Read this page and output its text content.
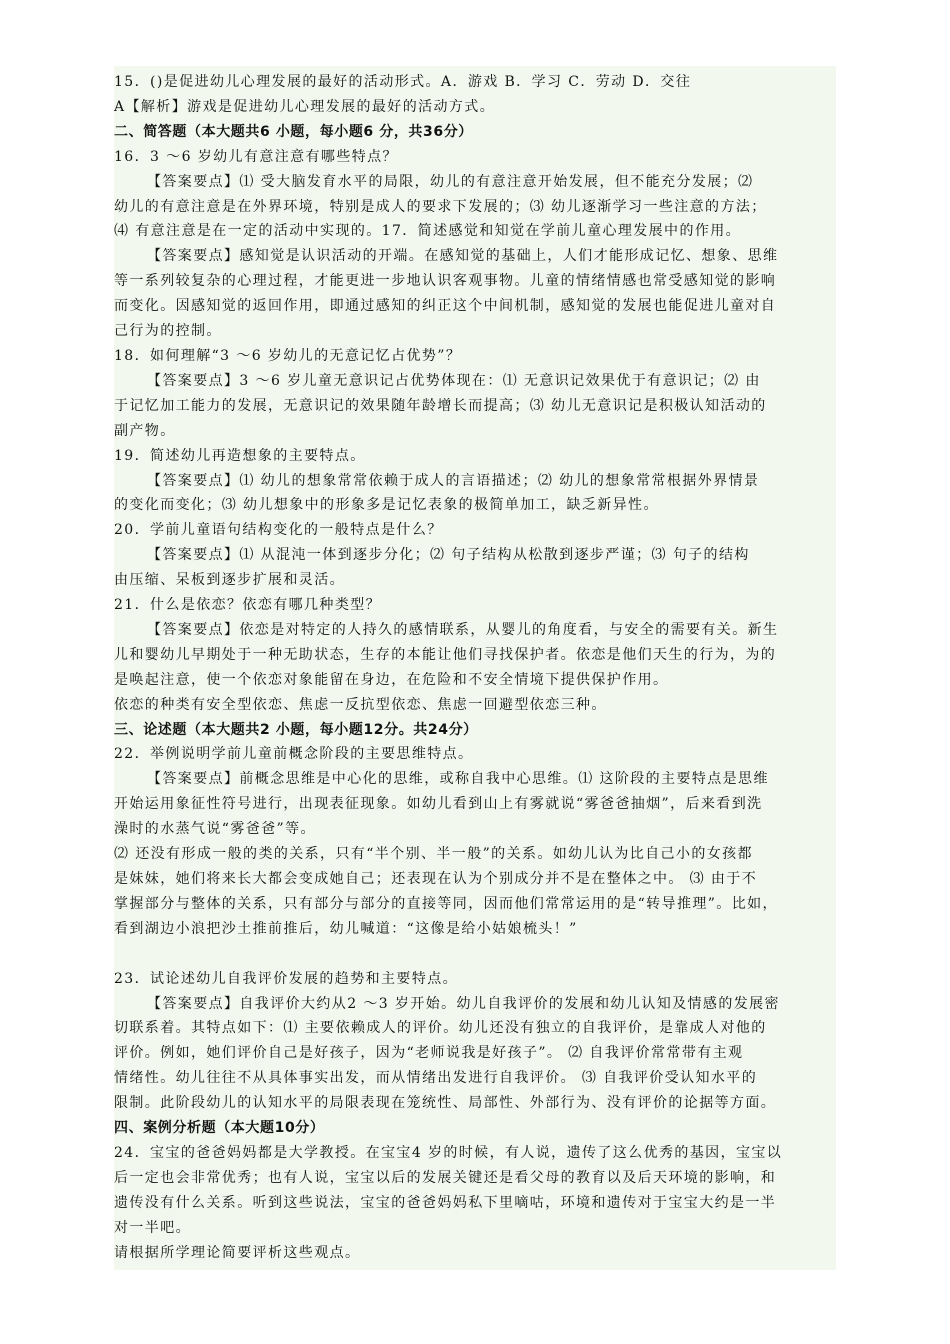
15．()是促进幼儿心理发展的最好的活动形式。A．游戏 B．学习 C．劳动 D．交往
A【解析】游戏是促进幼儿心理发展的最好的活动方式。
二、简答题（本大题共6 小题，每小题6 分，共36分）
16．3 ～6 岁幼儿有意注意有哪些特点？
【答案要点】⑴ 受大脑发育水平的局限，幼儿的有意注意开始发展，但不能充分发展；⑵
幼儿的有意注意是在外界环境，特别是成人的要求下发展的；⑶ 幼儿逐渐学习一些注意的方法；
⑷ 有意注意是在一定的活动中实现的。17．简述感觉和知觉在学前儿童心理发展中的作用。
【答案要点】感知觉是认识活动的开端。在感知觉的基础上，人们才能形成记忆、想象、思维
等一系列较复杂的心理过程，才能更进一步地认识客观事物。儿童的情绪情感也常受感知觉的影响
而变化。因感知觉的返回作用，即通过感知的纠正这个中间机制，感知觉的发展也能促进儿童对自
己行为的控制。
18．如何理解“3 ～6 岁幼儿的无意记忆占优势”？
【答案要点】3 ～6 岁儿童无意识记占优势体现在：⑴ 无意识记效果优于有意识记；⑵ 由
于记忆加工能力的发展，无意识记的效果随年龄增长而提高；⑶ 幼儿无意识记是积极认知活动的
副产物。
19．简述幼儿再造想象的主要特点。
【答案要点】⑴ 幼儿的想象常常依赖于成人的言语描述；⑵ 幼儿的想象常常根据外界情景
的变化而变化；⑶ 幼儿想象中的形象多是记忆表象的极简单加工，缺乏新异性。
20．学前儿童语句结构变化的一般特点是什么？
【答案要点】⑴ 从混沌一体到逐步分化；⑵ 句子结构从松散到逐步严谨；⑶ 句子的结构
由压缩、呆板到逐步扩展和灵活。
21．什么是依恋？依恋有哪几种类型？
【答案要点】依恋是对特定的人持久的感情联系，从婴儿的角度看，与安全的需要有关。新生
儿和婴幼儿早期处于一种无助状态，生存的本能让他们寻找保护者。依恋是他们天生的行为，为的
是唤起注意，使一个依恋对象能留在身边，在危险和不安全情境下提供保护作用。
依恋的种类有安全型依恋、焦虑一反抗型依恋、焦虑一回避型依恋三种。
三、论述题（本大题共2 小题，每小题12分。共24分）
22．举例说明学前儿童前概念阶段的主要思维特点。
【答案要点】前概念思维是中心化的思维，或称自我中心思维。⑴ 这阶段的主要特点是思维
开始运用象征性符号进行，出现表征现象。如幼儿看到山上有雾就说“雾爸爸抽烟”，后来看到洗
澡时的水蒸气说“雾爸爸”等。
⑵ 还没有形成一般的类的关系，只有“半个别、半一般”的关系。如幼儿认为比自己小的女孩都
是妹妹，她们将来长大都会变成她自己；还表现在认为个别成分并不是在整体之中。 ⑶ 由于不
掌握部分与整体的关系，只有部分与部分的直接等同，因而他们常常运用的是“转导推理”。比如，
看到湖边小浪把沙土推前推后，幼儿喊道：“这像是给小姑娘梳头！”
23．试论述幼儿自我评价发展的趋势和主要特点。
【答案要点】自我评价大约从2 ～3 岁开始。幼儿自我评价的发展和幼儿认知及情感的发展密
切联系着。其特点如下：⑴ 主要依赖成人的评价。幼儿还没有独立的自我评价，是靠成人对他的
评价。例如，她们评价自己是好孩子，因为“老师说我是好孩子”。 ⑵ 自我评价常常带有主观
情绪性。幼儿往往不从具体事实出发，而从情绪出发进行自我评价。 ⑶ 自我评价受认知水平的
限制。此阶段幼儿的认知水平的局限表现在笼统性、局部性、外部行为、没有评价的论据等方面。
四、案例分析题（本大题10分）
24．宝宝的爸爸妈妈都是大学教授。在宝宝4 岁的时候，有人说，遗传了这么优秀的基因，宝宝以
后一定也会非常优秀；也有人说，宝宝以后的发展关键还是看父母的教育以及后天环境的影响，和
遗传没有什么关系。听到这些说法，宝宝的爸爸妈妈私下里嘀咕，环境和遗传对于宝宝大约是一半
对一半吧。
请根据所学理论简要评析这些观点。
